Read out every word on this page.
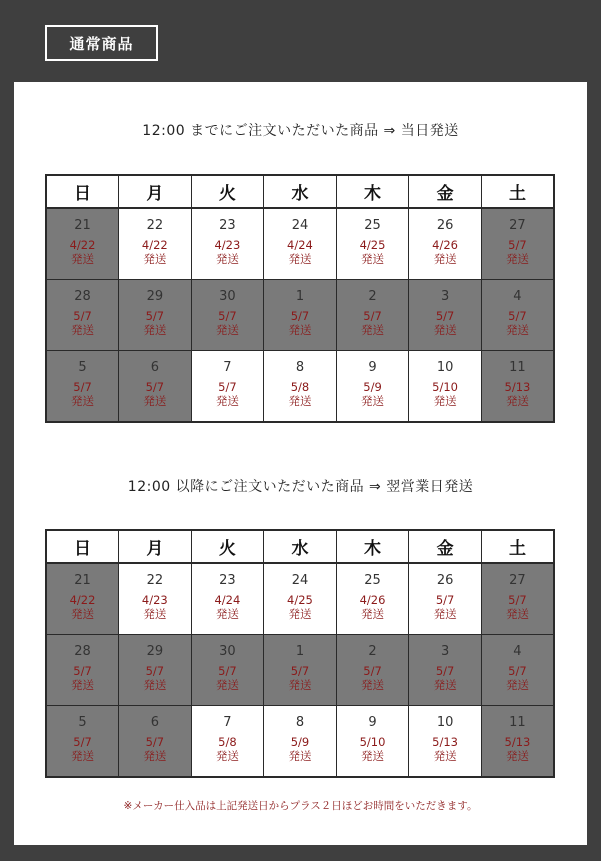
通常商品
12:00 までにご注文いただいた商品 ⇒ 当日発送
日	月	火	水	木	金	土

21
4/22
発送	22
4/22
発送	23
4/23
発送	24
4/24
発送	25
4/25
発送	26
4/26
発送	27
5/7
発送

28
5/7
発送	29
5/7
発送	30
5/7
発送	1
5/7
発送	2
5/7
発送	3
5/7
発送	4
5/7
発送

5
5/7
発送	6
5/7
発送	7
5/7
発送	8
5/8
発送	9
5/9
発送	10
5/10
発送	11
5/13
発送
12:00 以降にご注文いただいた商品 ⇒ 翌営業日発送
日	月	火	水	木	金	土

21
4/22
発送	22
4/23
発送	23
4/24
発送	24
4/25
発送	25
4/26
発送	26
5/7
発送	27
5/7
発送

28
5/7
発送	29
5/7
発送	30
5/7
発送	1
5/7
発送	2
5/7
発送	3
5/7
発送	4
5/7
発送

5
5/7
発送	6
5/7
発送	7
5/8
発送	8
5/9
発送	9
5/10
発送	10
5/13
発送	11
5/13
発送
※メーカー仕入品は上記発送日からプラス２日ほどお時間をいただきます。
